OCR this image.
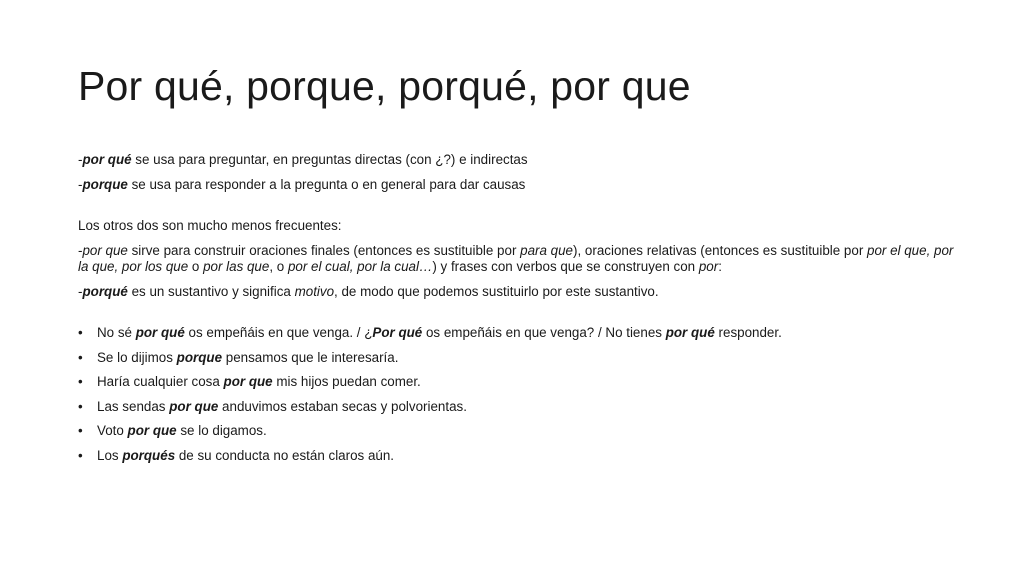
Por qué, porque, porqué, por que

-por qué se usa para preguntar, en preguntas directas (con ¿?) e indirectas

-porque se usa para responder a la pregunta o en general para dar causas

Los otros dos son mucho menos frecuentes:

-por que sirve para construir oraciones finales (entonces es sustituible por para que), oraciones relativas (entonces es sustituible por por el que, por la que, por los que o por las que, o por el cual, por la cual…) y frases con verbos que se construyen con por:

-porqué es un sustantivo y significa motivo, de modo que podemos sustituirlo por este sustantivo.

• No sé por qué os empeñáis en que venga. / ¿Por qué os empeñáis en que venga? / No tienes por qué responder.
• Se lo dijimos porque pensamos que le interesaría.
• Haría cualquier cosa por que mis hijos puedan comer.
• Las sendas por que anduvimos estaban secas y polvorientas.
• Voto por que se lo digamos.
• Los porqués de su conducta no están claros aún.
